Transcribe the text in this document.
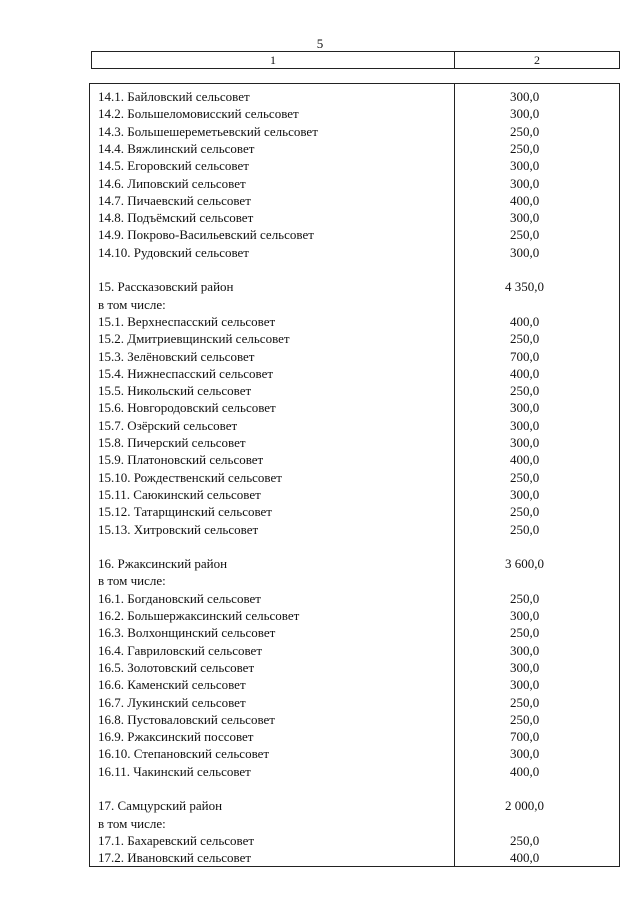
5
1	2
14.1. Байловский сельсовет	300,0
14.2. Большеломовисский сельсовет	300,0
14.3. Большешереметьевский сельсовет	250,0
14.4. Вяжлинский сельсовет	250,0
14.5. Егоровский сельсовет	300,0
14.6. Липовский сельсовет	300,0
14.7. Пичаевский сельсовет	400,0
14.8. Подъёмский сельсовет	300,0
14.9. Покрово-Васильевский сельсовет	250,0
14.10. Рудовский сельсовет	300,0
15. Рассказовский район	4 350,0
в том числе:
15.1. Верхнеспасский сельсовет	400,0
15.2. Дмитриевщинский сельсовет	250,0
15.3. Зелёновский сельсовет	700,0
15.4. Нижнеспасский сельсовет	400,0
15.5. Никольский сельсовет	250,0
15.6. Новгородовский сельсовет	300,0
15.7. Озёрский сельсовет	300,0
15.8. Пичерский сельсовет	300,0
15.9. Платоновский сельсовет	400,0
15.10. Рождественский сельсовет	250,0
15.11. Саюкинский сельсовет	300,0
15.12. Татарщинский сельсовет	250,0
15.13. Хитровский сельсовет	250,0
16. Ржаксинский район	3 600,0
в том числе:
16.1. Богдановский сельсовет	250,0
16.2. Большержаксинский сельсовет	300,0
16.3. Волхонщинский сельсовет	250,0
16.4. Гавриловский сельсовет	300,0
16.5. Золотовский сельсовет	300,0
16.6. Каменский сельсовет	300,0
16.7. Лукинский сельсовет	250,0
16.8. Пустоваловский сельсовет	250,0
16.9. Ржаксинский поссовет	700,0
16.10. Степановский сельсовет	300,0
16.11. Чакинский сельсовет	400,0
17. Самцурский район	2 000,0
в том числе:
17.1. Бахаревский сельсовет	250,0
17.2. Ивановский сельсовет	400,0
